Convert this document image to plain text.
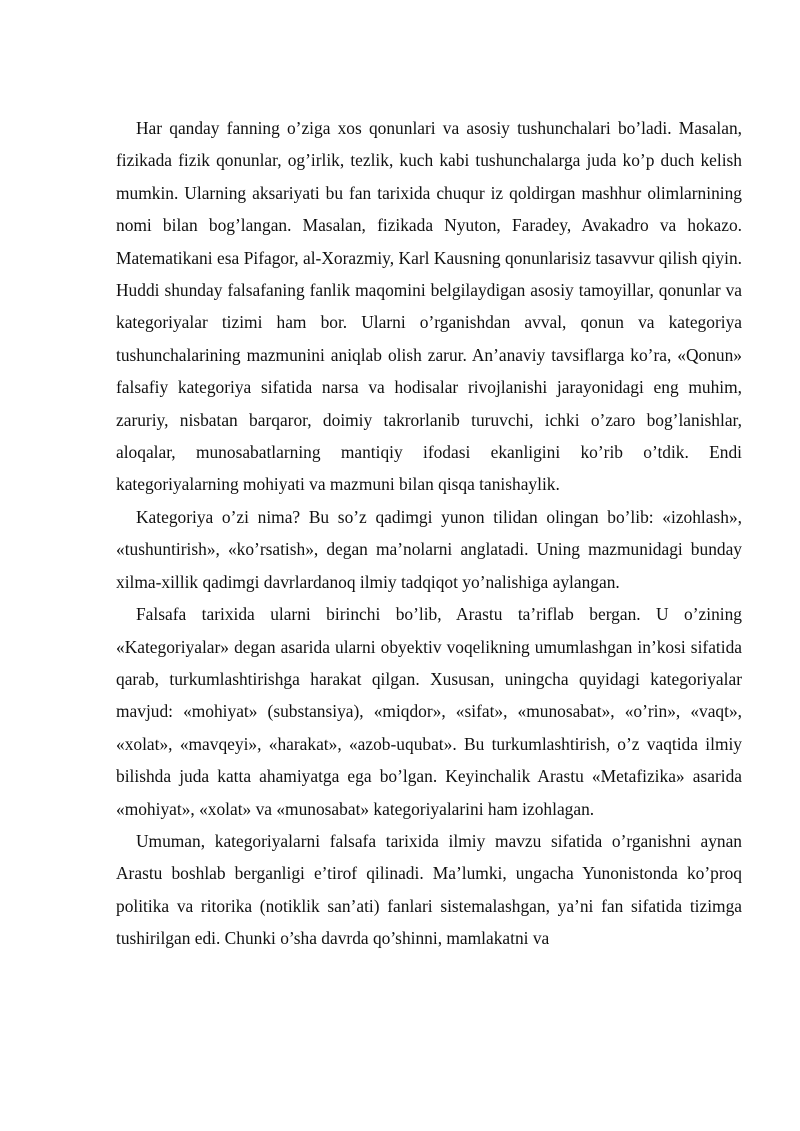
Har qanday fanning o’ziga xos qonunlari va asosiy tushunchalari bo’ladi. Masalan, fizikada fizik qonunlar, og’irlik, tezlik, kuch kabi tushunchalarga juda ko’p duch kelish mumkin. Ularning aksariyati bu fan tarixida chuqur iz qoldirgan mashhur olimlarnining nomi bilan bog’langan. Masalan, fizikada Nyuton, Faradey, Avakadro va hokazo. Matematikani esa Pifagor, al-Xorazmiy, Karl Kausning qonunlarisiz tasavvur qilish qiyin. Huddi shunday falsafaning fanlik maqomini belgilaydigan asosiy tamoyillar, qonunlar va kategoriyalar tizimi ham bor. Ularni o’rganishdan avval, qonun va kategoriya tushunchalarining mazmunini aniqlab olish zarur. An’anaviy tavsiflarga ko’ra, «Qonun» falsafiy kategoriya sifatida narsa va hodisalar rivojlanishi jarayonidagi eng muhim, zaruriy, nisbatan barqaror, doimiy takrorlanib turuvchi, ichki o’zaro bog’lanishlar, aloqalar, munosabatlarning mantiqiy ifodasi ekanligini ko’rib o’tdik. Endi kategoriyalarning mohiyati va mazmuni bilan qisqa tanishaylik.

Kategoriya o’zi nima? Bu so’z qadimgi yunon tilidan olingan bo’lib: «izohlash», «tushuntirish», «ko’rsatish», degan ma’nolarni anglatadi. Uning mazmunidagi bunday xilma-xillik qadimgi davrlardanoq ilmiy tadqiqot yo’nalishiga aylangan.

Falsafa tarixida ularni birinchi bo’lib, Arastu ta’riflab bergan. U o’zining «Kategoriyalar» degan asarida ularni obyektiv voqelikning umumlashgan in’kosi sifatida qarab, turkumlashtirishga harakat qilgan. Xususan, uningcha quyidagi kategoriyalar mavjud: «mohiyat» (substansiya), «miqdor», «sifat», «munosabat», «o’rin», «vaqt», «xolat», «mavqeyi», «harakat», «azob-uqubat». Bu turkumlashtirish, o’z vaqtida ilmiy bilishda juda katta ahamiyatga ega bo’lgan. Keyinchalik Arastu «Metafizika» asarida «mohiyat», «xolat» va «munosabat» kategoriyalarini ham izohlagan.

Umuman, kategoriyalarni falsafa tarixida ilmiy mavzu sifatida o’rganishni aynan Arastu boshlab berganligi e’tirof qilinadi. Ma’lumki, ungacha Yunonistonda ko’proq politika va ritorika (notiklik san’ati) fanlari sistemalashgan, ya’ni fan sifatida tizimga tushirilgan edi. Chunki o’sha davrda qo’shinni, mamlakatni va
